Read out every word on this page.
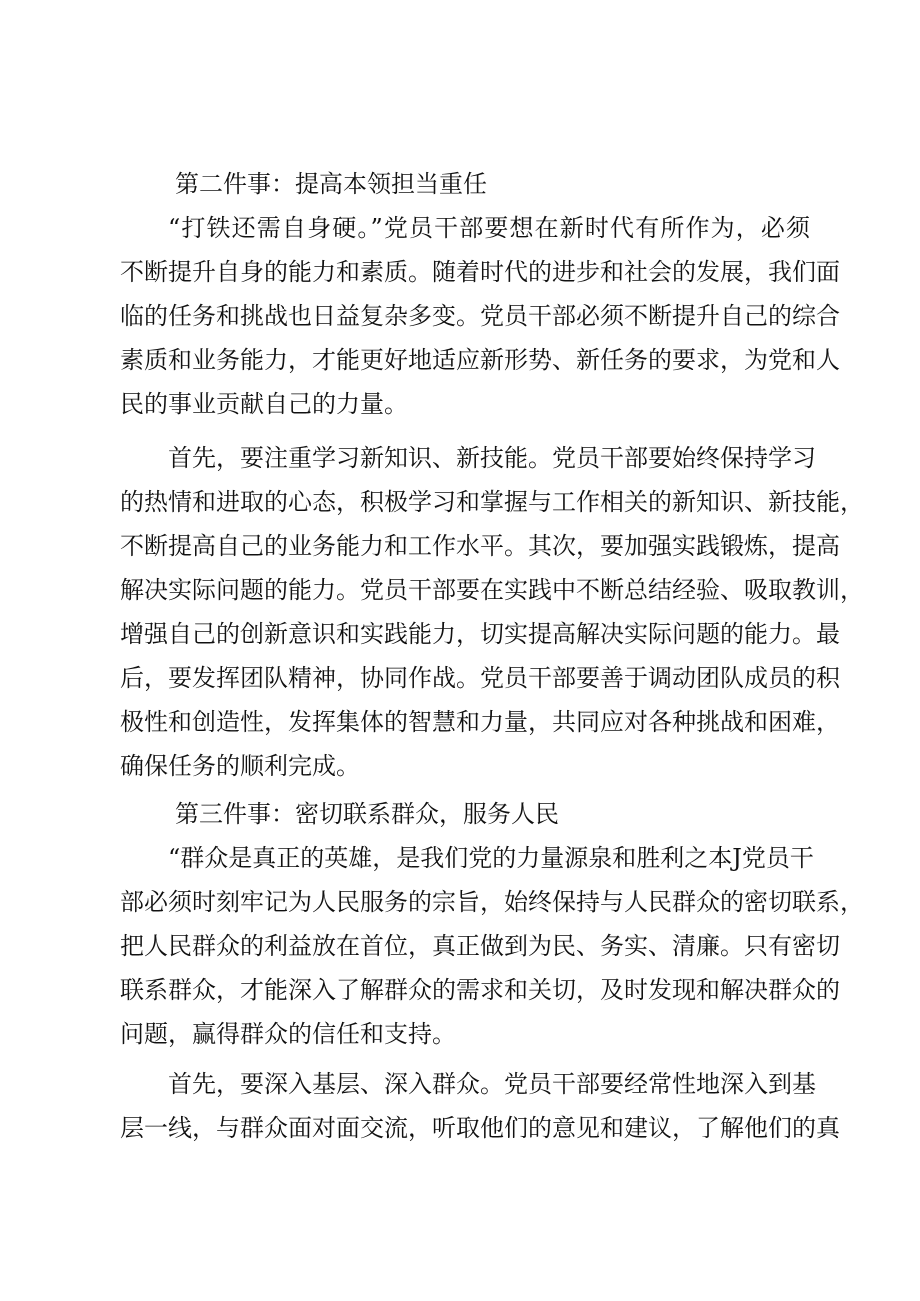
第二件事：提高本领担当重任

“打铁还需自身硬。”党员干部要想在新时代有所作为，必须

不断提升自身的能力和素质。随着时代的进步和社会的发展，我们面

临的任务和挑战也日益复杂多变。党员干部必须不断提升自己的综合

素质和业务能力，才能更好地适应新形势、新任务的要求，为党和人

民的事业贡献自己的力量。

首先，要注重学习新知识、新技能。党员干部要始终保持学习

的热情和进取的心态，积极学习和掌握与工作相关的新知识、新技能，

不断提高自己的业务能力和工作水平。其次，要加强实践锻炼，提高

解决实际问题的能力。党员干部要在实践中不断总结经验、吸取教训，

增强自己的创新意识和实践能力，切实提高解决实际问题的能力。最

后，要发挥团队精神，协同作战。党员干部要善于调动团队成员的积

极性和创造性，发挥集体的智慧和力量，共同应对各种挑战和困难，

确保任务的顺利完成。

第三件事：密切联系群众，服务人民

“群众是真正的英雄，是我们党的力量源泉和胜利之本J党员干

部必须时刻牢记为人民服务的宗旨，始终保持与人民群众的密切联系，

把人民群众的利益放在首位，真正做到为民、务实、清廉。只有密切

联系群众，才能深入了解群众的需求和关切，及时发现和解决群众的

问题，赢得群众的信任和支持。

首先，要深入基层、深入群众。党员干部要经常性地深入到基

层一线，与群众面对面交流，听取他们的意见和建议，了解他们的真
